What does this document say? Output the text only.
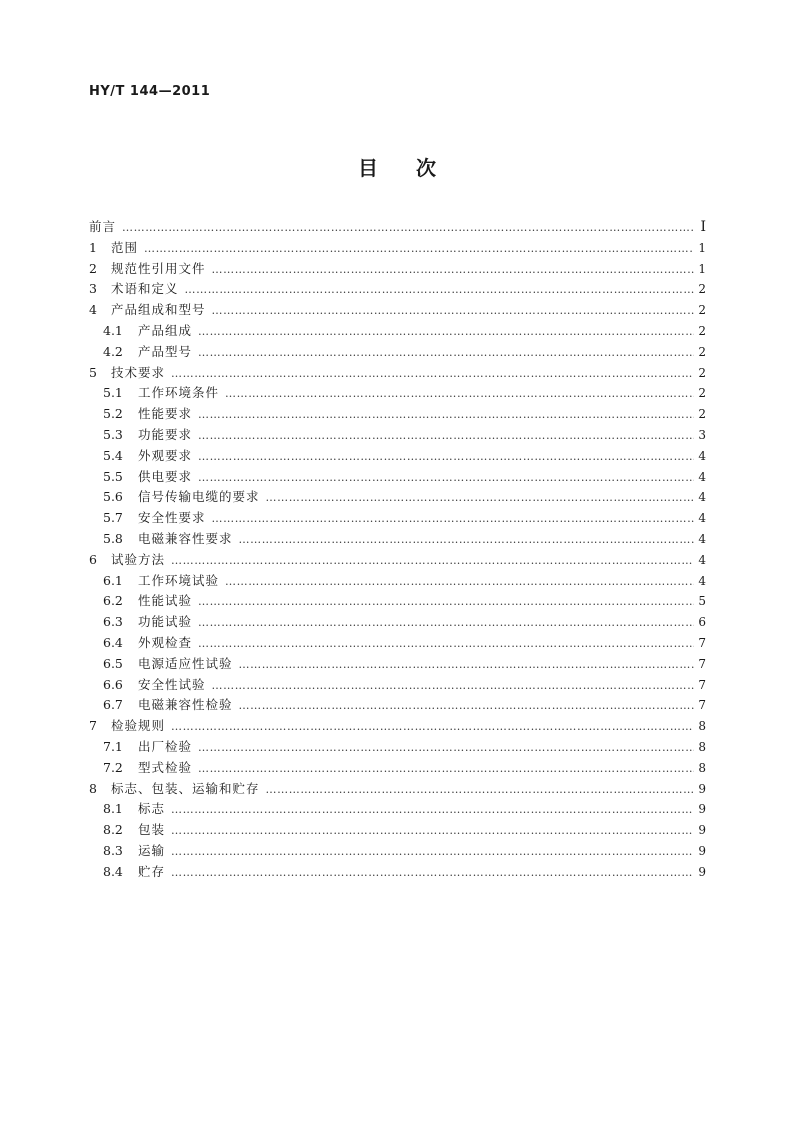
HY/T 144—2011
目次
前言 …………………………………………………………………………………………………………………………………………………………………………………………………………………	Ⅰ
1	范围 …………………………………………………………………………………………………………………………………………………………………………………………………………………	1
2	规范性引用文件 …………………………………………………………………………………………………………………………………………………………………………………………………………………	1
3	术语和定义 …………………………………………………………………………………………………………………………………………………………………………………………………………………	2
4	产品组成和型号 …………………………………………………………………………………………………………………………………………………………………………………………………………………	2
4.1	产品组成 …………………………………………………………………………………………………………………………………………………………………………………………………………………	2
4.2	产品型号 …………………………………………………………………………………………………………………………………………………………………………………………………………………	2
5	技术要求 …………………………………………………………………………………………………………………………………………………………………………………………………………………	2
5.1	工作环境条件 …………………………………………………………………………………………………………………………………………………………………………………………………………………	2
5.2	性能要求 …………………………………………………………………………………………………………………………………………………………………………………………………………………	2
5.3	功能要求 …………………………………………………………………………………………………………………………………………………………………………………………………………………	3
5.4	外观要求 …………………………………………………………………………………………………………………………………………………………………………………………………………………	4
5.5	供电要求 …………………………………………………………………………………………………………………………………………………………………………………………………………………	4
5.6	信号传输电缆的要求 …………………………………………………………………………………………………………………………………………………………………………………………………………………	4
5.7	安全性要求 …………………………………………………………………………………………………………………………………………………………………………………………………………………	4
5.8	电磁兼容性要求 …………………………………………………………………………………………………………………………………………………………………………………………………………………	4
6	试验方法 …………………………………………………………………………………………………………………………………………………………………………………………………………………	4
6.1	工作环境试验 …………………………………………………………………………………………………………………………………………………………………………………………………………………	4
6.2	性能试验 …………………………………………………………………………………………………………………………………………………………………………………………………………………	5
6.3	功能试验 …………………………………………………………………………………………………………………………………………………………………………………………………………………	6
6.4	外观检查 …………………………………………………………………………………………………………………………………………………………………………………………………………………	7
6.5	电源适应性试验 …………………………………………………………………………………………………………………………………………………………………………………………………………………	7
6.6	安全性试验 …………………………………………………………………………………………………………………………………………………………………………………………………………………	7
6.7	电磁兼容性检验 …………………………………………………………………………………………………………………………………………………………………………………………………………………	7
7	检验规则 …………………………………………………………………………………………………………………………………………………………………………………………………………………	8
7.1	出厂检验 …………………………………………………………………………………………………………………………………………………………………………………………………………………	8
7.2	型式检验 …………………………………………………………………………………………………………………………………………………………………………………………………………………	8
8	标志、包装、运输和贮存 …………………………………………………………………………………………………………………………………………………………………………………………………………………	9
8.1	标志 …………………………………………………………………………………………………………………………………………………………………………………………………………………	9
8.2	包装 …………………………………………………………………………………………………………………………………………………………………………………………………………………	9
8.3	运输 …………………………………………………………………………………………………………………………………………………………………………………………………………………	9
8.4	贮存 …………………………………………………………………………………………………………………………………………………………………………………………………………………	9
